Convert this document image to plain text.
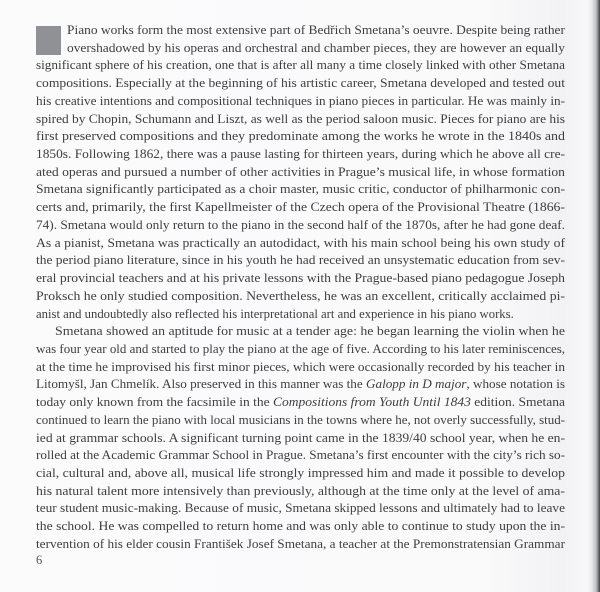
Piano works form the most extensive part of Bedřich Smetana’s oeuvre. Despite being rather
overshadowed by his operas and orchestral and chamber pieces, they are however an equally
significant sphere of his creation, one that is after all many a time closely linked with other Smetana
compositions. Especially at the beginning of his artistic career, Smetana developed and tested out
his creative intentions and compositional techniques in piano pieces in particular. He was mainly in-
spired by Chopin, Schumann and Liszt, as well as the period saloon music. Pieces for piano are his
first preserved compositions and they predominate among the works he wrote in the 1840s and
1850s. Following 1862, there was a pause lasting for thirteen years, during which he above all cre-
ated operas and pursued a number of other activities in Prague’s musical life, in whose formation
Smetana significantly participated as a choir master, music critic, conductor of philharmonic con-
certs and, primarily, the first Kapellmeister of the Czech opera of the Provisional Theatre (1866-
74). Smetana would only return to the piano in the second half of the 1870s, after he had gone deaf.
As a pianist, Smetana was practically an autodidact, with his main school being his own study of
the period piano literature, since in his youth he had received an unsystematic education from sev-
eral provincial teachers and at his private lessons with the Prague-based piano pedagogue Joseph
Proksch he only studied composition. Nevertheless, he was an excellent, critically acclaimed pi-
anist and undoubtedly also reflected his interpretational art and experience in his piano works.
Smetana showed an aptitude for music at a tender age: he began learning the violin when he
was four year old and started to play the piano at the age of five. According to his later reminiscences,
at the time he improvised his first minor pieces, which were occasionally recorded by his teacher in
Litomyšl, Jan Chmelík. Also preserved in this manner was the Galopp in D major, whose notation is
today only known from the facsimile in the Compositions from Youth Until 1843 edition. Smetana
continued to learn the piano with local musicians in the towns where he, not overly successfully, stud-
ied at grammar schools. A significant turning point came in the 1839/40 school year, when he en-
rolled at the Academic Grammar School in Prague. Smetana’s first encounter with the city’s rich so-
cial, cultural and, above all, musical life strongly impressed him and made it possible to develop
his natural talent more intensively than previously, although at the time only at the level of ama-
teur student music-making. Because of music, Smetana skipped lessons and ultimately had to leave
the school. He was compelled to return home and was only able to continue to study upon the in-
tervention of his elder cousin František Josef Smetana, a teacher at the Premonstratensian Grammar
6
